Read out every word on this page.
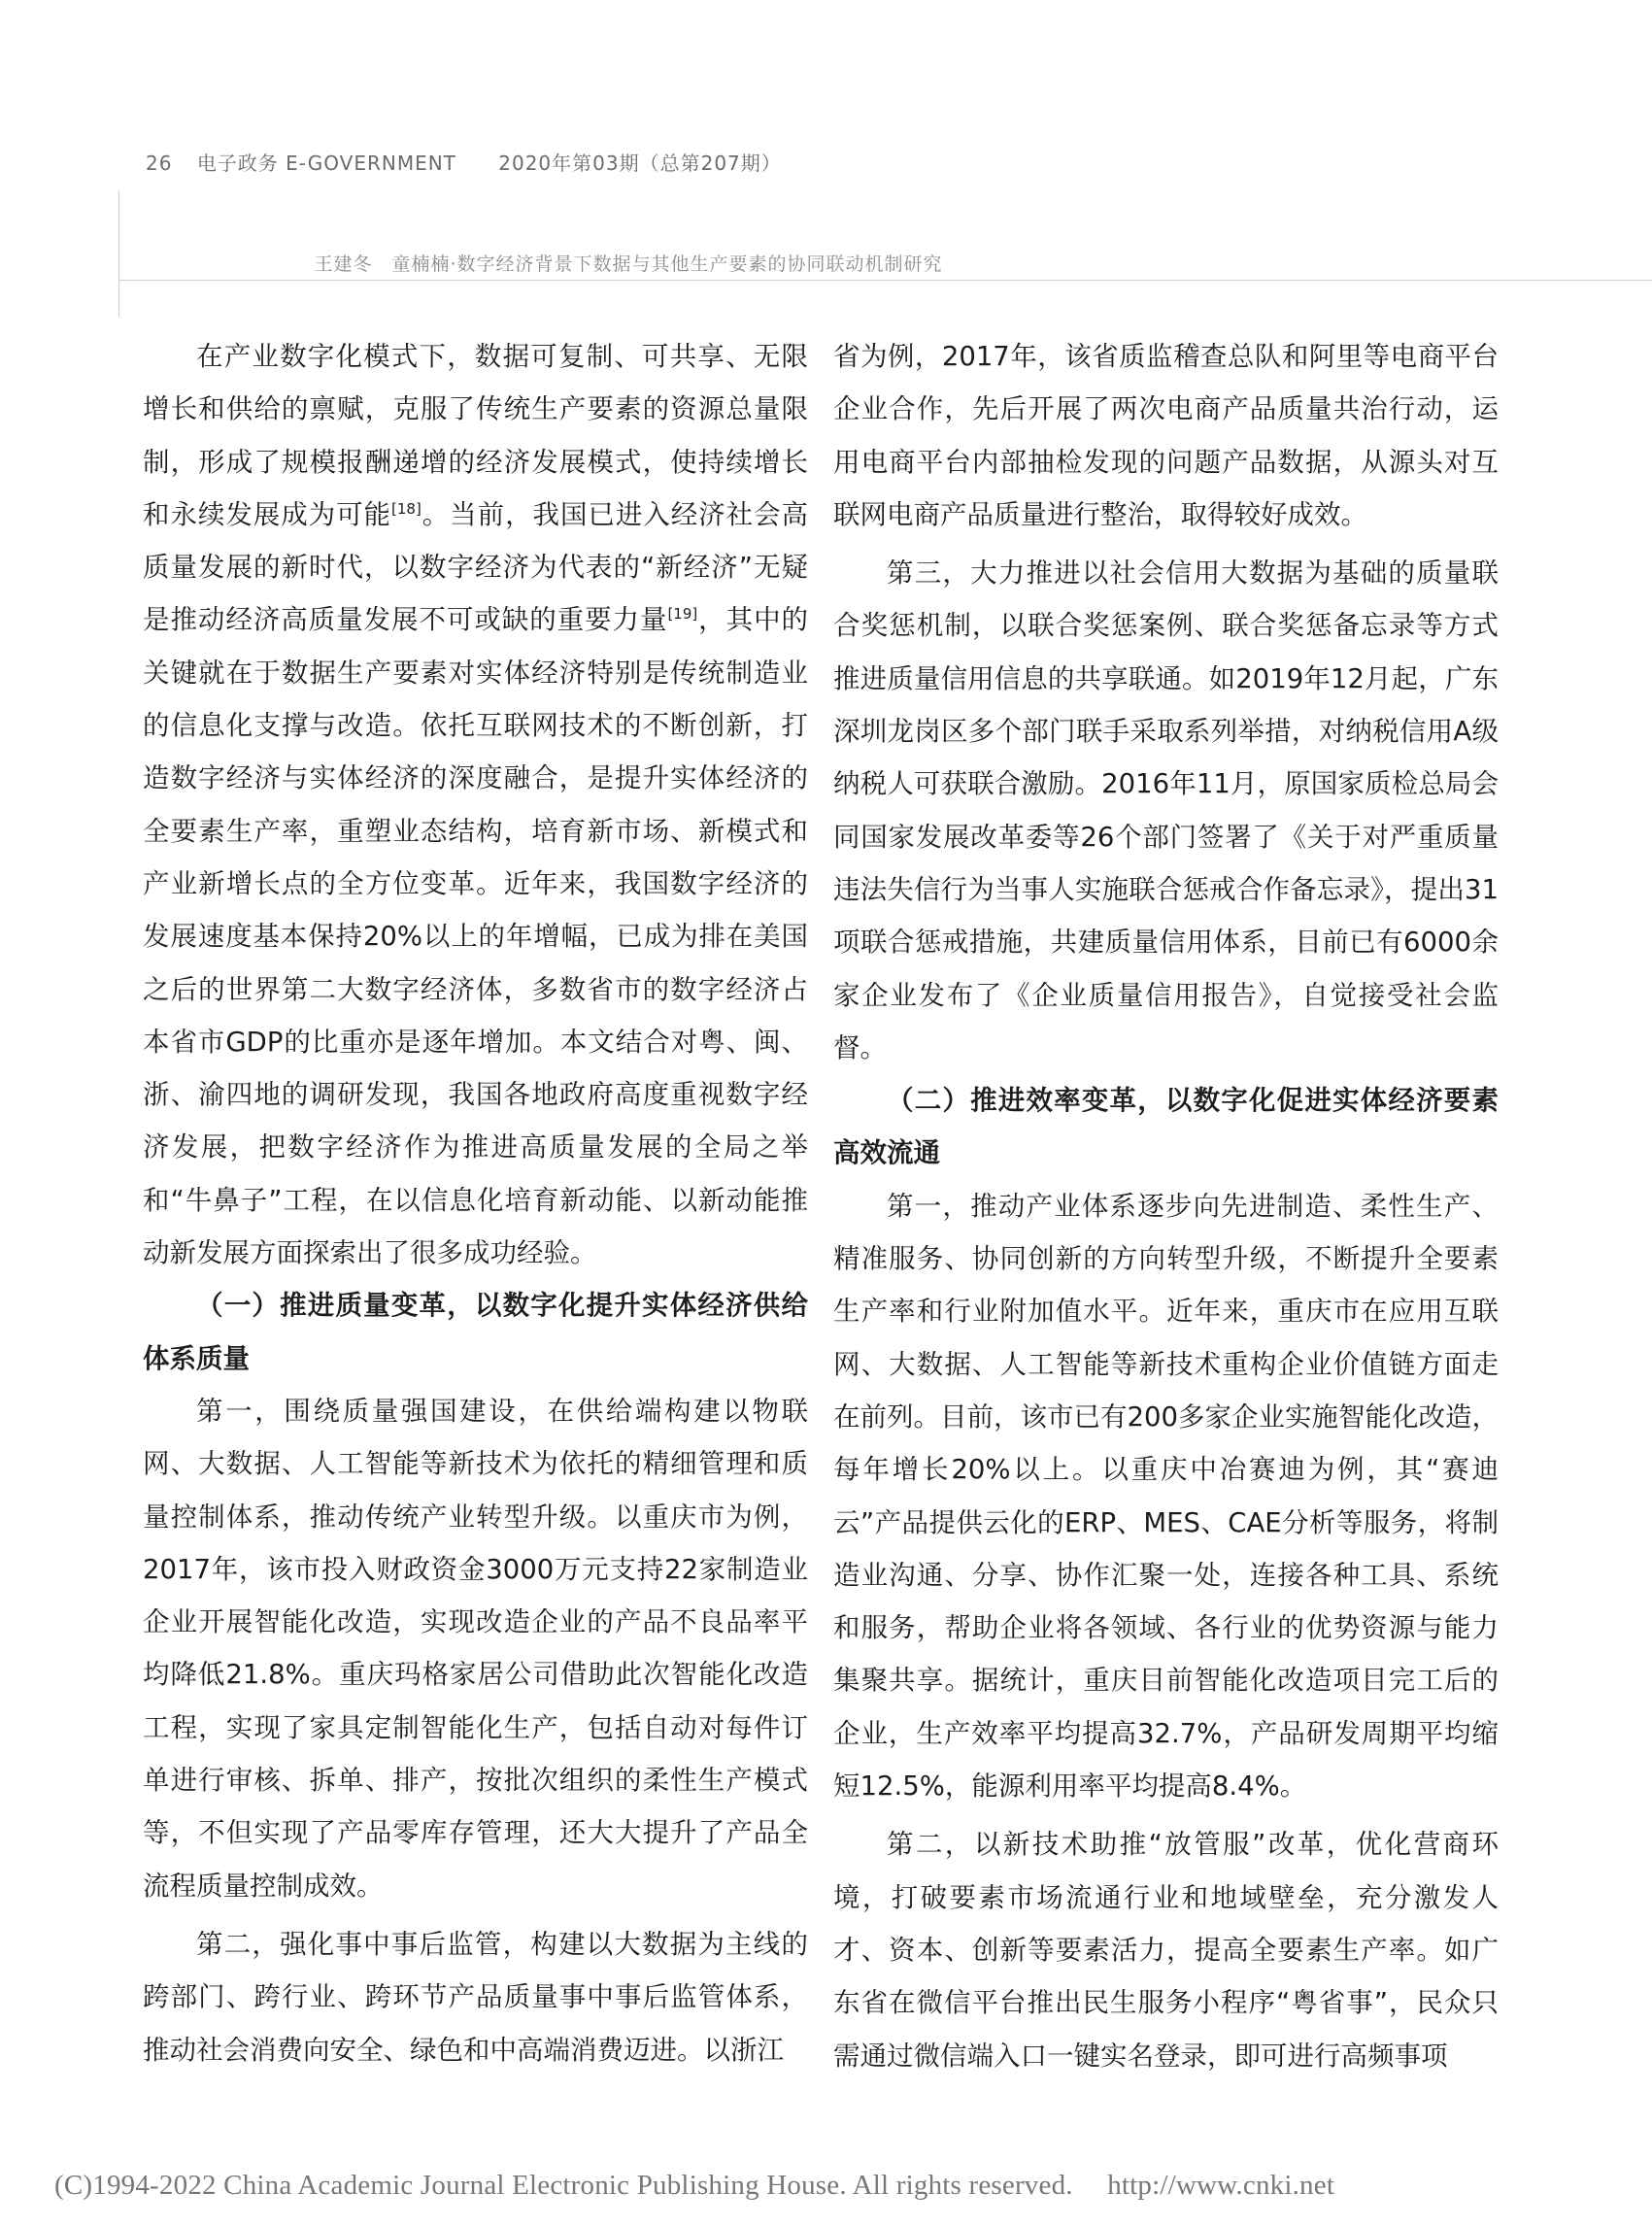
26 电子政务 E-GOVERNMENT 2020年第03期（总第207期）
王建冬　童楠楠·数字经济背景下数据与其他生产要素的协同联动机制研究

在产业数字化模式下，数据可复制、可共享、无限增长和供给的禀赋，克服了传统生产要素的资源总量限制，形成了规模报酬递增的经济发展模式，使持续增长和永续发展成为可能[18]。当前，我国已进入经济社会高质量发展的新时代，以数字经济为代表的“新经济”无疑是推动经济高质量发展不可或缺的重要力量[19]，其中的关键就在于数据生产要素对实体经济特别是传统制造业的信息化支撑与改造。依托互联网技术的不断创新，打造数字经济与实体经济的深度融合，是提升实体经济的全要素生产率，重塑业态结构，培育新市场、新模式和产业新增长点的全方位变革。近年来，我国数字经济的发展速度基本保持20%以上的年增幅，已成为排在美国之后的世界第二大数字经济体，多数省市的数字经济占本省市GDP的比重亦是逐年增加。本文结合对粤、闽、浙、渝四地的调研发现，我国各地政府高度重视数字经济发展，把数字经济作为推进高质量发展的全局之举和“牛鼻子”工程，在以信息化培育新动能、以新动能推动新发展方面探索出了很多成功经验。

（一）推进质量变革，以数字化提升实体经济供给体系质量

第一，围绕质量强国建设，在供给端构建以物联网、大数据、人工智能等新技术为依托的精细管理和质量控制体系，推动传统产业转型升级。以重庆市为例，2017年，该市投入财政资金3000万元支持22家制造业企业开展智能化改造，实现改造企业的产品不良品率平均降低21.8%。重庆玛格家居公司借助此次智能化改造工程，实现了家具定制智能化生产，包括自动对每件订单进行审核、拆单、排产，按批次组织的柔性生产模式等，不但实现了产品零库存管理，还大大提升了产品全流程质量控制成效。

第二，强化事中事后监管，构建以大数据为主线的跨部门、跨行业、跨环节产品质量事中事后监管体系，推动社会消费向安全、绿色和中高端消费迈进。以浙江

省为例，2017年，该省质监稽查总队和阿里等电商平台企业合作，先后开展了两次电商产品质量共治行动，运用电商平台内部抽检发现的问题产品数据，从源头对互联网电商产品质量进行整治，取得较好成效。

第三，大力推进以社会信用大数据为基础的质量联合奖惩机制，以联合奖惩案例、联合奖惩备忘录等方式推进质量信用信息的共享联通。如2019年12月起，广东深圳龙岗区多个部门联手采取系列举措，对纳税信用A级纳税人可获联合激励。2016年11月，原国家质检总局会同国家发展改革委等26个部门签署了《关于对严重质量违法失信行为当事人实施联合惩戒合作备忘录》，提出31项联合惩戒措施，共建质量信用体系，目前已有6000余家企业发布了《企业质量信用报告》，自觉接受社会监督。

（二）推进效率变革，以数字化促进实体经济要素高效流通

第一，推动产业体系逐步向先进制造、柔性生产、精准服务、协同创新的方向转型升级，不断提升全要素生产率和行业附加值水平。近年来，重庆市在应用互联网、大数据、人工智能等新技术重构企业价值链方面走在前列。目前，该市已有200多家企业实施智能化改造，每年增长20%以上。以重庆中冶赛迪为例，其“赛迪云”产品提供云化的ERP、MES、CAE分析等服务，将制造业沟通、分享、协作汇聚一处，连接各种工具、系统和服务，帮助企业将各领域、各行业的优势资源与能力集聚共享。据统计，重庆目前智能化改造项目完工后的企业，生产效率平均提高32.7%，产品研发周期平均缩短12.5%，能源利用率平均提高8.4%。

第二，以新技术助推“放管服”改革，优化营商环境，打破要素市场流通行业和地域壁垒，充分激发人才、资本、创新等要素活力，提高全要素生产率。如广东省在微信平台推出民生服务小程序“粤省事”，民众只需通过微信端入口一键实名登录，即可进行高频事项

(C)1994-2022 China Academic Journal Electronic Publishing House. All rights reserved. http://www.cnki.net
